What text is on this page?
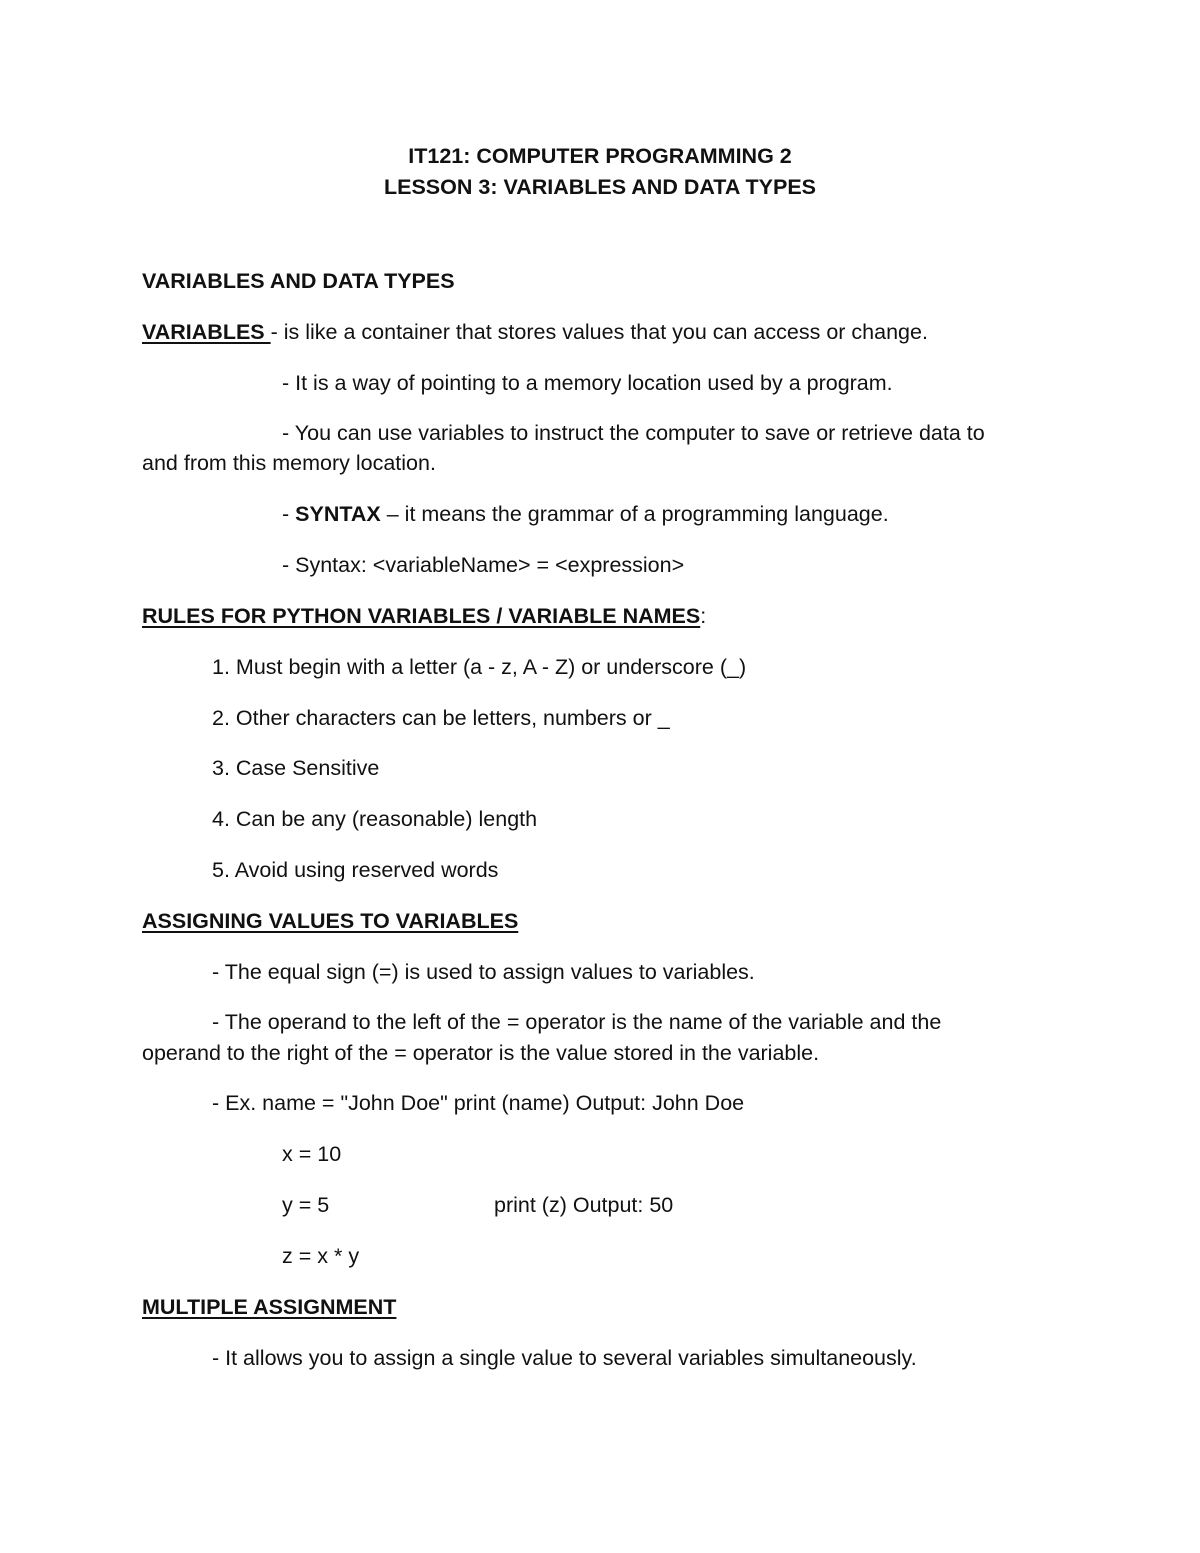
IT121: COMPUTER PROGRAMMING 2
LESSON 3: VARIABLES AND DATA TYPES
VARIABLES AND DATA TYPES
VARIABLES - is like a container that stores values that you can access or change.
- It is a way of pointing to a memory location used by a program.
- You can use variables to instruct the computer to save or retrieve data to
and from this memory location.
- SYNTAX – it means the grammar of a programming language.
- Syntax: <variableName> = <expression>
RULES FOR PYTHON VARIABLES / VARIABLE NAMES:
1. Must begin with a letter (a - z, A - Z) or underscore (_)
2. Other characters can be letters, numbers or _
3. Case Sensitive
4. Can be any (reasonable) length
5. Avoid using reserved words
ASSIGNING VALUES TO VARIABLES
- The equal sign (=) is used to assign values to variables.
- The operand to the left of the = operator is the name of the variable and the
operand to the right of the = operator is the value stored in the variable.
- Ex. name = "John Doe" print (name) Output: John Doe
x = 10
y = 5	print (z) Output: 50
z = x * y
MULTIPLE ASSIGNMENT
- It allows you to assign a single value to several variables simultaneously.
